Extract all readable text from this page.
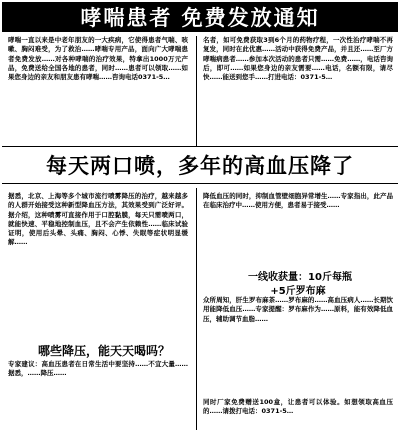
哮喘患者 免费发放通知

哮喘一直以来是中老年朋友的一大疾病，它使得患者气喘、咳嗽、胸闷难受，为了救治……哮喘专用产品，面向广大哮喘患者免费发放……对各种哮喘的治疗效果，特拿出1000万元产品，免费送给全国各地的患者，同时……患者可以领取……如果您身边的亲友和朋友患有哮喘……咨询电话0371-5…

名者，如可免费获取3到6个月的药物疗程，一次性治疗哮喘不再复发，同时在此优惠……活动中获得免费产品，并且还……至厂方哮喘病患者……参加本次活动的患者只需……免费……，电话咨询后，即可……如果您身边的亲友需要……电话，名额有限，请尽快……能送到您手……打进电话：0371-5…

每天两口喷，多年的高血压降了

据悉，北京、上海等多个城市流行喷雾降压的治疗，越来越多的人群开始接受这种新型降血压方法，其效果受到广泛好评。据介绍，这种喷雾可直接作用于口腔黏膜，每天只需喷两口，就能快速、平稳地控制血压，且不会产生依赖性……临床试验证明，使用后头晕、头痛、胸闷、心悸、失眠等症状明显缓解……

降低血压的同时，抑制血管壁细胞异常增生……专家指出，此产品在临床治疗中……使用方便，患者易于接受……

一线收获量：10斤每瓶
+5斤罗布麻

众所周知，肝生罗布麻茶……罗布麻的……高血压病人……长期饮用能降低血压……专家提醒：罗布麻作为……原料，能有效降低血压，辅助调节血脂……

哪些降压，能天天喝吗？

专家建议：高血压患者在日常生活中要坚持……不宜大量……据悉，……降压……

同时厂家免费赠送100盒，让患者可以体验。如想领取高血压的……请拨打电话：0371-5…
